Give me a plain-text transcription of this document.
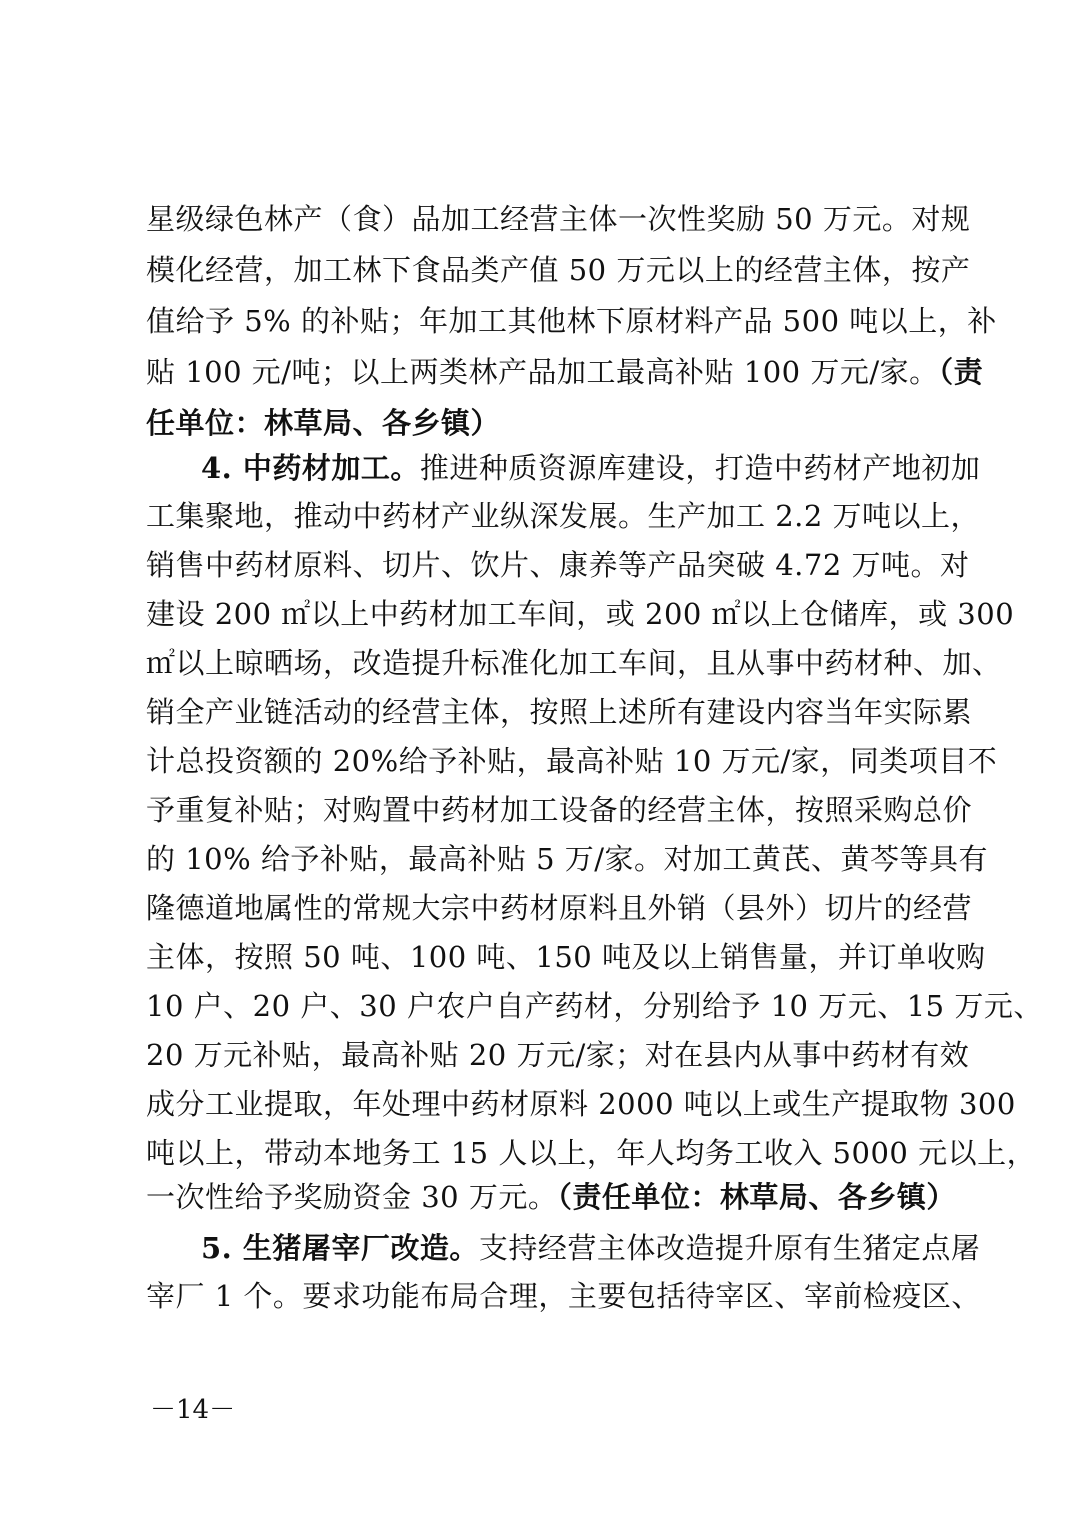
星级绿色林产（食）品加工经营主体一次性奖励 50 万元。对规
模化经营，加工林下食品类产值 50 万元以上的经营主体，按产
值给予 5% 的补贴；年加工其他林下原材料产品 500 吨以上，补
贴 100 元/吨；以上两类林产品加工最高补贴 100 万元/家。（责
任单位：林草局、各乡镇）
4. 中药材加工。推进种质资源库建设，打造中药材产地初加
工集聚地，推动中药材产业纵深发展。生产加工 2.2 万吨以上，
销售中药材原料、切片、饮片、康养等产品突破 4.72 万吨。对
建设 200 ㎡以上中药材加工车间，或 200 ㎡以上仓储库，或 300
㎡以上晾晒场，改造提升标准化加工车间，且从事中药材种、加、
销全产业链活动的经营主体，按照上述所有建设内容当年实际累
计总投资额的 20%给予补贴，最高补贴 10 万元/家，同类项目不
予重复补贴；对购置中药材加工设备的经营主体，按照采购总价
的 10% 给予补贴，最高补贴 5 万/家。对加工黄芪、黄芩等具有
隆德道地属性的常规大宗中药材原料且外销（县外）切片的经营
主体，按照 50 吨、100 吨、150 吨及以上销售量，并订单收购
10 户、20 户、30 户农户自产药材，分别给予 10 万元、15 万元、
20 万元补贴，最高补贴 20 万元/家；对在县内从事中药材有效
成分工业提取，年处理中药材原料 2000 吨以上或生产提取物 300
吨以上，带动本地务工 15 人以上，年人均务工收入 5000 元以上，
一次性给予奖励资金 30 万元。（责任单位：林草局、各乡镇）
5. 生猪屠宰厂改造。支持经营主体改造提升原有生猪定点屠
宰厂 1 个。要求功能布局合理，主要包括待宰区、宰前检疫区、
－14－
